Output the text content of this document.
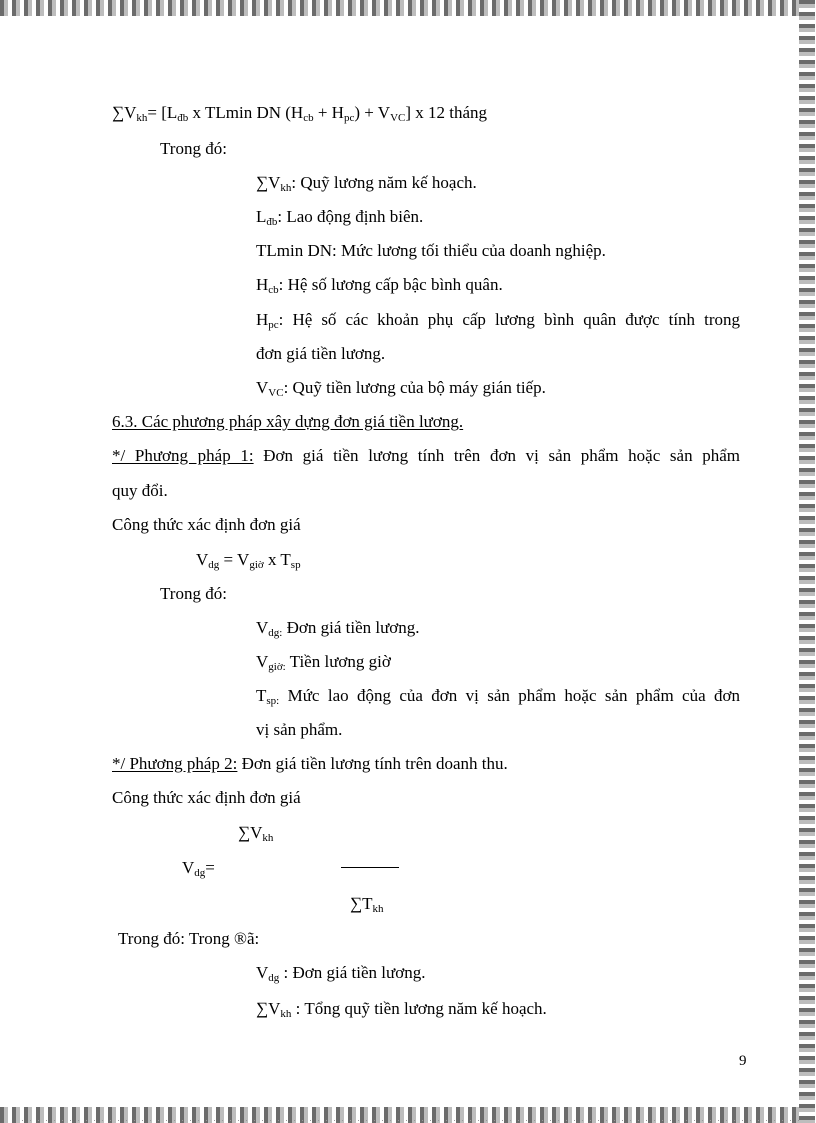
$\sum V_{kh}= [L_{đb}$ x TLmin DN $(H_{cb} + H_{pc}) + V_{VC}$] x 12 tháng
Trong đó:
$\sum V_{kh}$: Quỹ lương năm kế hoạch.
$L_{đb}$: Lao động định biên.
TLmin DN: Mức lương tối thiểu của doanh nghiệp.
$H_{cb}$: Hệ số lương cấp bậc bình quân.
$H_{pc}$: Hệ số các khoản phụ cấp lương bình quân được tính trong
đơn giá tiền lương.
$V_{VC}$: Quỹ tiền lương của bộ máy gián tiếp.
6.3. Các phương pháp xây dựng đơn giá tiền lương.
*/ Phương pháp 1: Đơn giá tiền lương tính trên đơn vị sản phẩm hoặc sản phẩm
quy đổi.
Công thức xác định đơn giá
$V_{dg} = V_{giờ}$ x $T_{sp}$
Trong đó:
$V_{dg:}$ Đơn giá tiền lương.
$V_{giờ:}$ Tiền lương giờ
$T_{sp:}$ Mức lao động của đơn vị sản phẩm hoặc sản phẩm của đơn
vị sản phẩm.
*/ Phương pháp 2: Đơn giá tiền lương tính trên doanh thu.
Công thức xác định đơn giá
$\sum V_{kh}$
$V_{dg}=$
$\sum T_{kh}$
Trong đó: Trong ®ã:
$V_{dg}$ : Đơn giá tiền lương.
$\sum V_{kh}$ : Tổng quỹ tiền lương năm kế hoạch.
9
